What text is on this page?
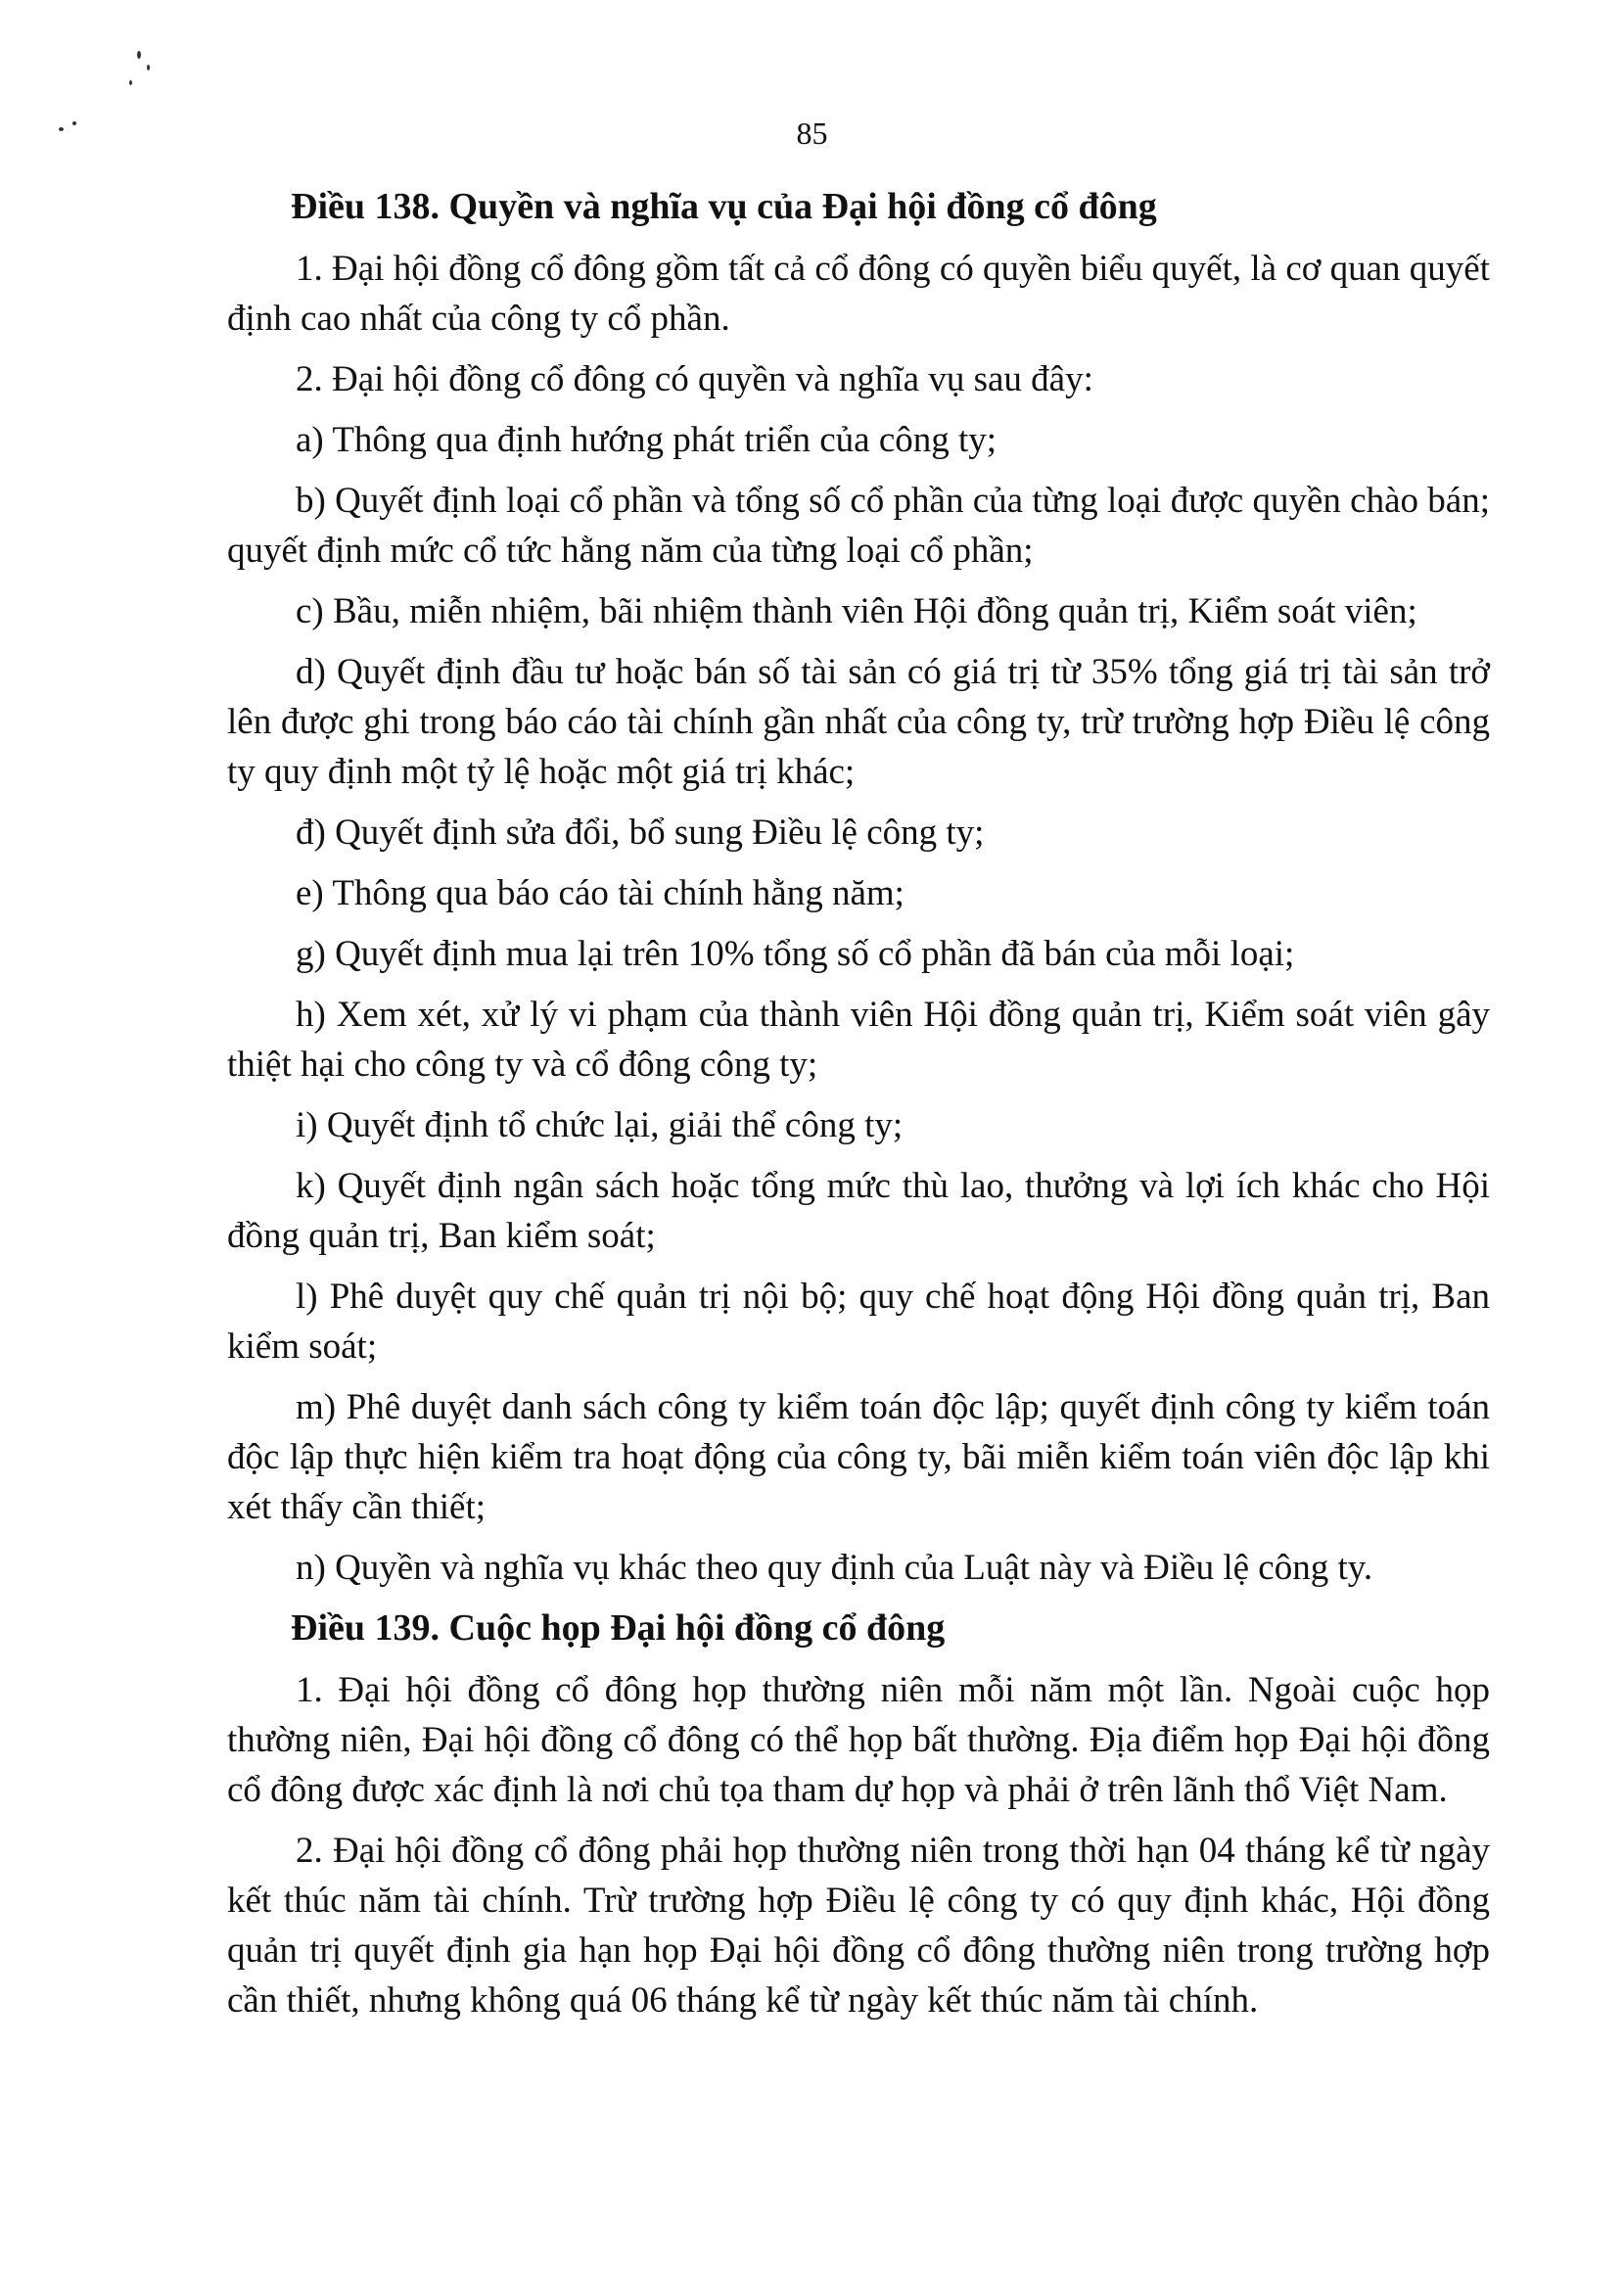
85
Điều 138. Quyền và nghĩa vụ của Đại hội đồng cổ đông

1. Đại hội đồng cổ đông gồm tất cả cổ đông có quyền biểu quyết, là cơ quan quyết định cao nhất của công ty cổ phần.

2. Đại hội đồng cổ đông có quyền và nghĩa vụ sau đây:

a) Thông qua định hướng phát triển của công ty;

b) Quyết định loại cổ phần và tổng số cổ phần của từng loại được quyền chào bán; quyết định mức cổ tức hằng năm của từng loại cổ phần;

c) Bầu, miễn nhiệm, bãi nhiệm thành viên Hội đồng quản trị, Kiểm soát viên;

d) Quyết định đầu tư hoặc bán số tài sản có giá trị từ 35% tổng giá trị tài sản trở lên được ghi trong báo cáo tài chính gần nhất của công ty, trừ trường hợp Điều lệ công ty quy định một tỷ lệ hoặc một giá trị khác;

đ) Quyết định sửa đổi, bổ sung Điều lệ công ty;

e) Thông qua báo cáo tài chính hằng năm;

g) Quyết định mua lại trên 10% tổng số cổ phần đã bán của mỗi loại;

h) Xem xét, xử lý vi phạm của thành viên Hội đồng quản trị, Kiểm soát viên gây thiệt hại cho công ty và cổ đông công ty;

i) Quyết định tổ chức lại, giải thể công ty;

k) Quyết định ngân sách hoặc tổng mức thù lao, thưởng và lợi ích khác cho Hội đồng quản trị, Ban kiểm soát;

l) Phê duyệt quy chế quản trị nội bộ; quy chế hoạt động Hội đồng quản trị, Ban kiểm soát;

m) Phê duyệt danh sách công ty kiểm toán độc lập; quyết định công ty kiểm toán độc lập thực hiện kiểm tra hoạt động của công ty, bãi miễn kiểm toán viên độc lập khi xét thấy cần thiết;

n) Quyền và nghĩa vụ khác theo quy định của Luật này và Điều lệ công ty.

Điều 139. Cuộc họp Đại hội đồng cổ đông

1. Đại hội đồng cổ đông họp thường niên mỗi năm một lần. Ngoài cuộc họp thường niên, Đại hội đồng cổ đông có thể họp bất thường. Địa điểm họp Đại hội đồng cổ đông được xác định là nơi chủ tọa tham dự họp và phải ở trên lãnh thổ Việt Nam.

2. Đại hội đồng cổ đông phải họp thường niên trong thời hạn 04 tháng kể từ ngày kết thúc năm tài chính. Trừ trường hợp Điều lệ công ty có quy định khác, Hội đồng quản trị quyết định gia hạn họp Đại hội đồng cổ đông thường niên trong trường hợp cần thiết, nhưng không quá 06 tháng kể từ ngày kết thúc năm tài chính.
